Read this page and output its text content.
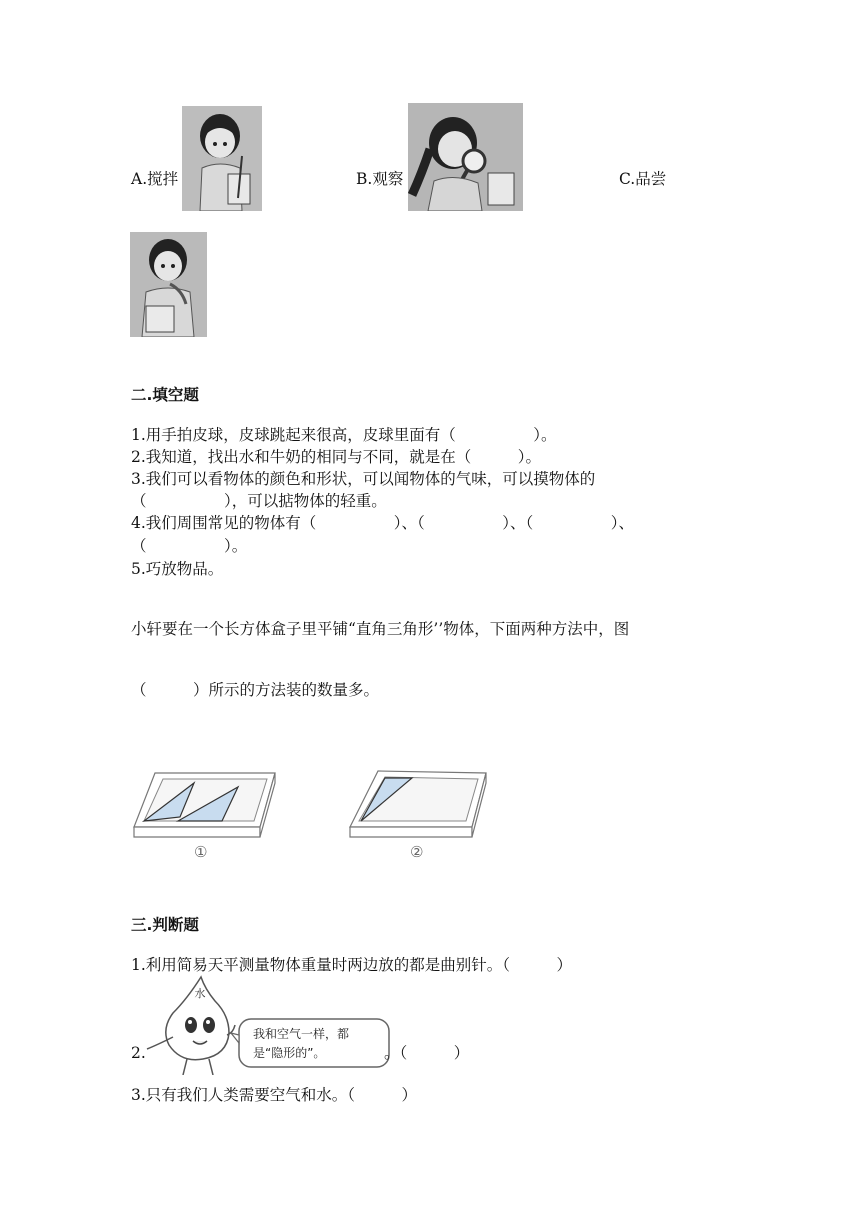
A.搅拌	B.观察	C.品尝
二.填空题
1.用手拍皮球，皮球跳起来很高，皮球里面有（　　　　　）。
2.我知道，找出水和牛奶的相同与不同，就是在（　　　）。
3.我们可以看物体的颜色和形状，可以闻物体的气味，可以摸物体的
（　　　　　），可以掂物体的轻重。
4.我们周围常见的物体有（　　　　　）、（　　　　　）、（　　　　　）、
（　　　　　）。
5.巧放物品。
小轩要在一个长方体盒子里平铺“直角三角形’’物体，下面两种方法中，图
（　　　）所示的方法装的数量多。
①	②
三.判断题
1.利用简易天平测量物体重量时两边放的都是曲别针。（　　　）
2.
水
我和空气一样，都
是“隐形的”。	。（　　　）
3.只有我们人类需要空气和水。（　　　）
